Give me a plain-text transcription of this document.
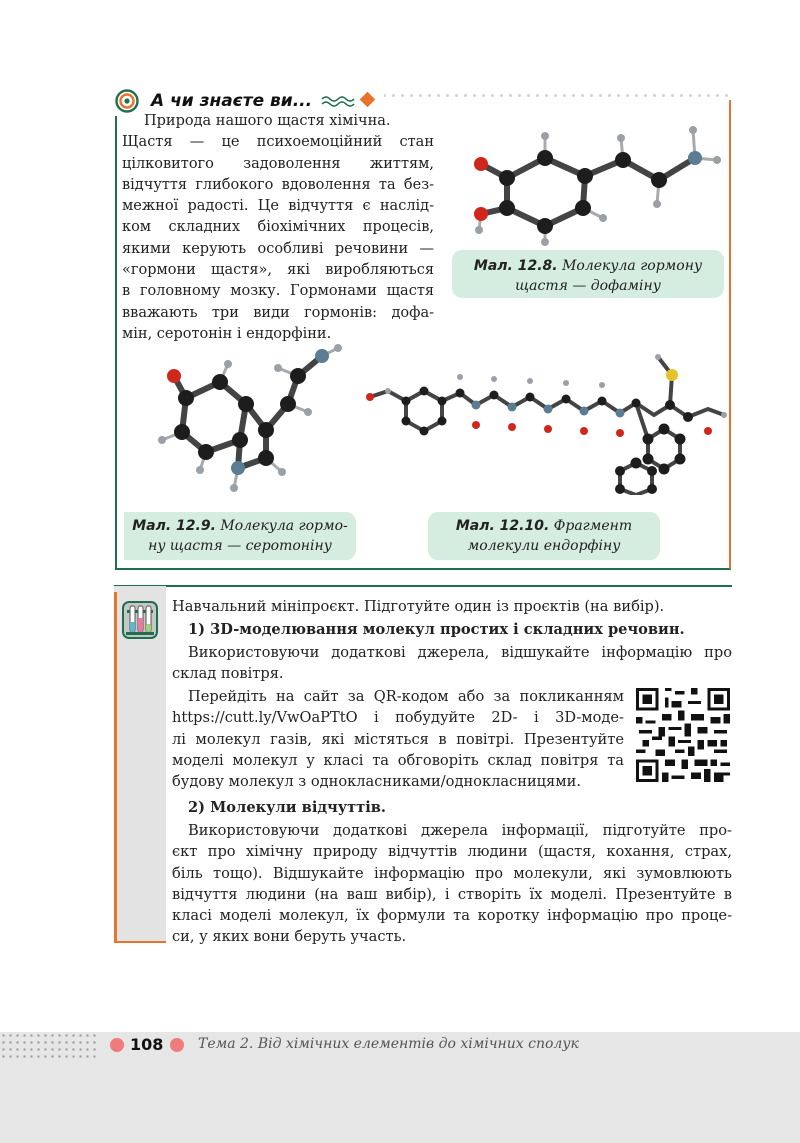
А чи знаєте ви...
Природа нашого щастя хімічна.
Щастя — це психоемоційний стан
цілковитого задоволення життям,
відчуття глибокого вдоволення та без-
межної радості. Це відчуття є наслід-
ком складних біохімічних процесів,
якими керують особливі речовини —
«гормони щастя», які виробляються
в головному мозку. Гормонами щастя
вважають три види гормонів: дофа-
мін, серотонін і ендорфіни.
Мал. 12.8. Молекула гормону
щастя — дофаміну
Мал. 12.9. Молекула гормо-
ну щастя — серотоніну
Мал. 12.10. Фрагмент
молекули ендорфіну
Навчальний мініпроєкт. Підготуйте один із проєктів (на вибір).
1) 3D-моделювання молекул простих і складних речовин.
Використовуючи додаткові джерела, відшукайте інформацію про
склад повітря.
Перейдіть на сайт за QR-кодом або за покликанням
https://cutt.ly/VwOaPTtO і побудуйте 2D- і 3D-моде-
лі молекул газів, які містяться в повітрі. Презентуйте
моделі молекул у класі та обговоріть склад повітря та
будову молекул з однокласниками/однокласницями.
2) Молекули відчуттів.
Використовуючи додаткові джерела інформації, підготуйте про-
єкт про хімічну природу відчуттів людини (щастя, кохання, страх,
біль тощо). Відшукайте інформацію про молекули, які зумовлюють
відчуття людини (на ваш вибір), і створіть їх моделі. Презентуйте в
класі моделі молекул, їх формули та коротку інформацію про проце-
си, у яких вони беруть участь.
108 Тема 2. Від хімічних елементів до хімічних сполук
